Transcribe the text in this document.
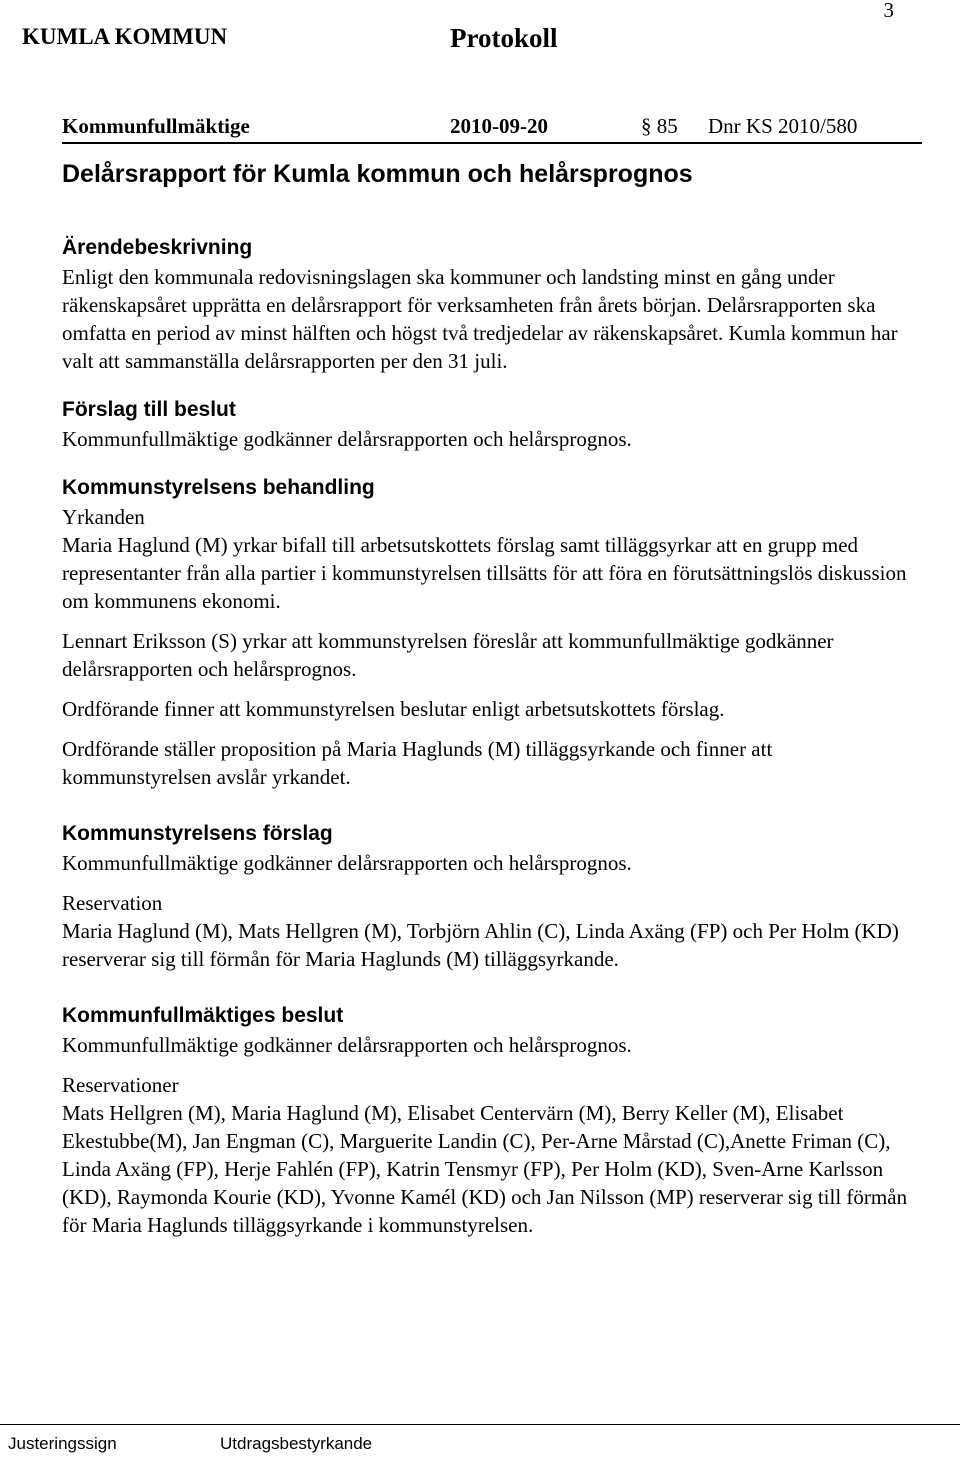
3
KUMLA KOMMUN	Protokoll
Kommunfullmäktige	2010-09-20	§ 85 Dnr KS 2010/580
Delårsrapport för Kumla kommun och helårsprognos
Ärendebeskrivning

Enligt den kommunala redovisningslagen ska kommuner och landsting minst en gång under räkenskapsåret upprätta en delårsrapport för verksamheten från årets början. Delårsrapporten ska omfatta en period av minst hälften och högst två tredjedelar av räkenskapsåret. Kumla kommun har valt att sammanställa delårsrapporten per den 31 juli.

Förslag till beslut

Kommunfullmäktige godkänner delårsrapporten och helårsprognos.

Kommunstyrelsens behandling

Yrkanden

Maria Haglund (M) yrkar bifall till arbetsutskottets förslag samt tilläggsyrkar att en grupp med representanter från alla partier i kommunstyrelsen tillsätts för att föra en förutsättningslös diskussion om kommunens ekonomi.

Lennart Eriksson (S) yrkar att kommunstyrelsen föreslår att kommunfullmäktige godkänner delårsrapporten och helårsprognos.

Ordförande finner att kommunstyrelsen beslutar enligt arbetsutskottets förslag.

Ordförande ställer proposition på Maria Haglunds (M) tilläggsyrkande och finner att kommunstyrelsen avslår yrkandet.

Kommunstyrelsens förslag

Kommunfullmäktige godkänner delårsrapporten och helårsprognos.

Reservation

Maria Haglund (M), Mats Hellgren (M), Torbjörn Ahlin (C), Linda Axäng (FP) och Per Holm (KD) reserverar sig till förmån för Maria Haglunds (M) tilläggsyrkande.

Kommunfullmäktiges beslut

Kommunfullmäktige godkänner delårsrapporten och helårsprognos.

Reservationer

Mats Hellgren (M), Maria Haglund (M), Elisabet Centervärn (M), Berry Keller (M), Elisabet Ekestubbe(M), Jan Engman (C), Marguerite Landin (C), Per-Arne Mårstad (C),Anette Friman (C), Linda Axäng (FP), Herje Fahlén (FP), Katrin Tensmyr (FP), Per Holm (KD), Sven-Arne Karlsson (KD), Raymonda Kourie (KD), Yvonne Kamél (KD) och Jan Nilsson (MP) reserverar sig till förmån för Maria Haglunds tilläggsyrkande i kommunstyrelsen.

Justeringssign	Utdragsbestyrkande
